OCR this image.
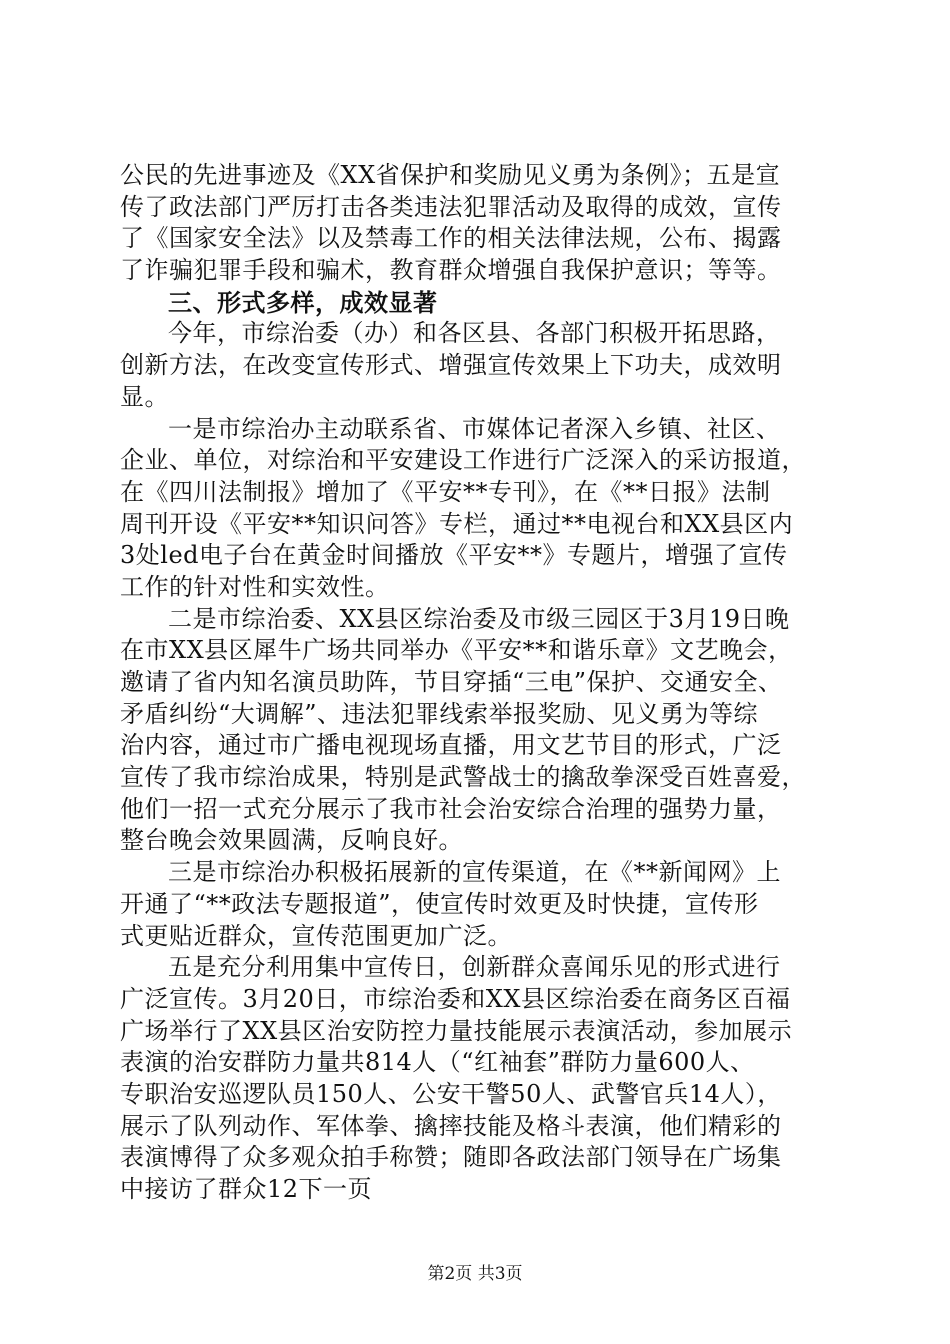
公民的先进事迹及《XX省保护和奖励见义勇为条例》；五是宣
传了政法部门严厉打击各类违法犯罪活动及取得的成效，宣传
了《国家安全法》以及禁毒工作的相关法律法规，公布、揭露
了诈骗犯罪手段和骗术，教育群众增强自我保护意识；等等。
三、形式多样，成效显著
今年，市综治委（办）和各区县、各部门积极开拓思路，
创新方法，在改变宣传形式、增强宣传效果上下功夫，成效明
显。
一是市综治办主动联系省、市媒体记者深入乡镇、社区、
企业、单位，对综治和平安建设工作进行广泛深入的采访报道，
在《四川法制报》增加了《平安**专刊》，在《**日报》法制
周刊开设《平安**知识问答》专栏，通过**电视台和XX县区内
3处led电子台在黄金时间播放《平安**》专题片，增强了宣传
工作的针对性和实效性。
二是市综治委、XX县区综治委及市级三园区于3月19日晚
在市XX县区犀牛广场共同举办《平安**和谐乐章》文艺晚会，
邀请了省内知名演员助阵，节目穿插“三电”保护、交通安全、
矛盾纠纷“大调解”、违法犯罪线索举报奖励、见义勇为等综
治内容，通过市广播电视现场直播，用文艺节目的形式，广泛
宣传了我市综治成果，特别是武警战士的擒敌拳深受百姓喜爱，
他们一招一式充分展示了我市社会治安综合治理的强势力量，
整台晚会效果圆满，反响良好。
三是市综治办积极拓展新的宣传渠道，在《**新闻网》上
开通了“**政法专题报道”，使宣传时效更及时快捷，宣传形
式更贴近群众，宣传范围更加广泛。
五是充分利用集中宣传日，创新群众喜闻乐见的形式进行
广泛宣传。3月20日，市综治委和XX县区综治委在商务区百福
广场举行了XX县区治安防控力量技能展示表演活动，参加展示
表演的治安群防力量共814人（“红袖套”群防力量600人、
专职治安巡逻队员150人、公安干警50人、武警官兵14人），
展示了队列动作、军体拳、擒摔技能及格斗表演，他们精彩的
表演博得了众多观众拍手称赞；随即各政法部门领导在广场集
中接访了群众12下一页
第2页 共3页
